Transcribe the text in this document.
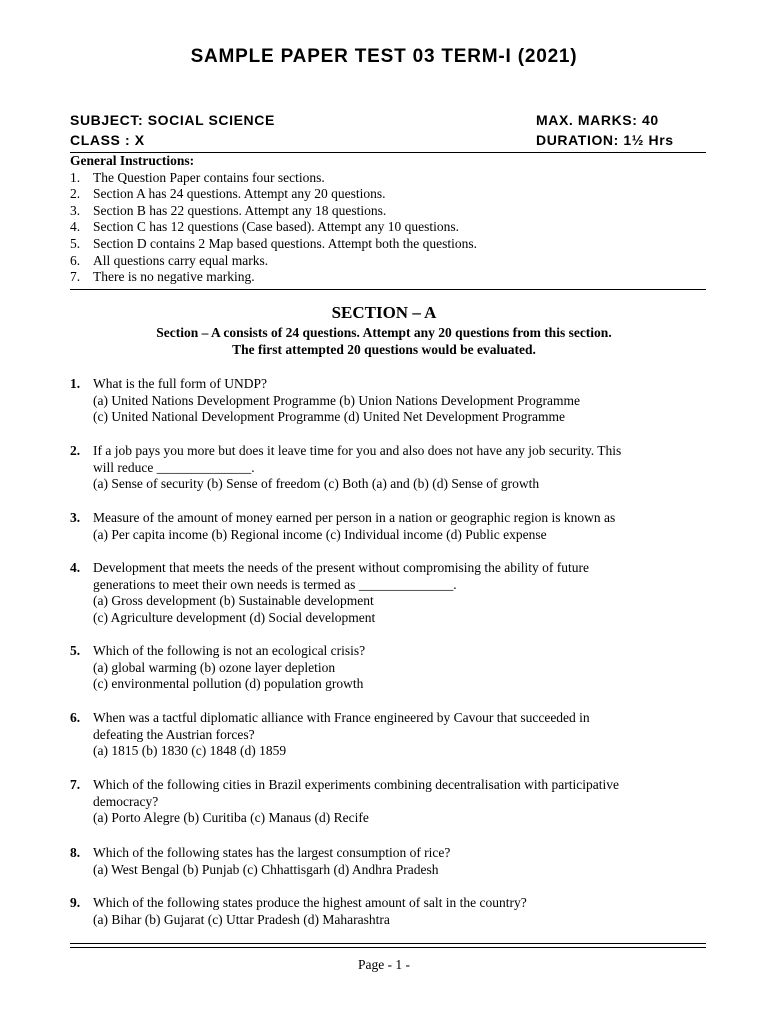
SAMPLE PAPER TEST 03 TERM-I (2021)
SUBJECT: SOCIAL SCIENCE	MAX. MARKS: 40
CLASS : X	DURATION: 1½ Hrs
General Instructions:
1. The Question Paper contains four sections.
2. Section A has 24 questions. Attempt any 20 questions.
3. Section B has 22 questions. Attempt any 18 questions.
4. Section C has 12 questions (Case based). Attempt any 10 questions.
5. Section D contains 2 Map based questions. Attempt both the questions.
6. All questions carry equal marks.
7. There is no negative marking.
SECTION – A
Section – A consists of 24 questions. Attempt any 20 questions from this section.
The first attempted 20 questions would be evaluated.
1. What is the full form of UNDP?
(a) United Nations Development Programme (b) Union Nations Development Programme
(c) United National Development Programme (d) United Net Development Programme
2. If a job pays you more but does it leave time for you and also does not have any job security. This
will reduce ______________.
(a) Sense of security (b) Sense of freedom (c) Both (a) and (b) (d) Sense of growth
3. Measure of the amount of money earned per person in a nation or geographic region is known as
(a) Per capita income (b) Regional income (c) Individual income (d) Public expense
4. Development that meets the needs of the present without compromising the ability of future
generations to meet their own needs is termed as ______________.
(a) Gross development (b) Sustainable development
(c) Agriculture development (d) Social development
5. Which of the following is not an ecological crisis?
(a) global warming (b) ozone layer depletion
(c) environmental pollution (d) population growth
6. When was a tactful diplomatic alliance with France engineered by Cavour that succeeded in
defeating the Austrian forces?
(a) 1815 (b) 1830 (c) 1848 (d) 1859
7. Which of the following cities in Brazil experiments combining decentralisation with participative
democracy?
(a) Porto Alegre (b) Curitiba (c) Manaus (d) Recife
8. Which of the following states has the largest consumption of rice?
(a) West Bengal (b) Punjab (c) Chhattisgarh (d) Andhra Pradesh
9. Which of the following states produce the highest amount of salt in the country?
(a) Bihar (b) Gujarat (c) Uttar Pradesh (d) Maharashtra
Page - 1 -
